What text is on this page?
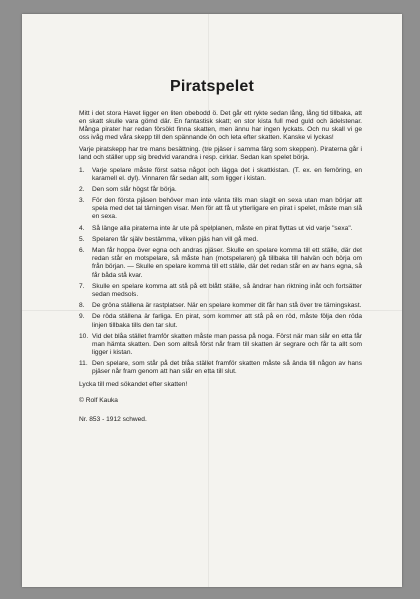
Piratspelet

Mitt i det stora Havet ligger en liten obebodd ö. Det går ett rykte sedan lång, lång tid tillbaka, att en skatt skulle vara gömd där. En fantastisk skatt; en stor kista full med guld och ädelstenar. Många pirater har redan försökt finna skatten, men ännu har ingen lyckats. Och nu skall vi ge oss ivåg med våra skepp till den spännande ön och leta efter skatten. Kanske vi lyckas!

Varje piratskepp har tre mans besättning. (tre pjäser i samma färg som skeppen). Piraterna går i land och ställer upp sig bredvid varandra i resp. cirklar. Sedan kan spelet börja.

1. Varje spelare måste först satsa något och lägga det i skattkistan. (T. ex. en femöring, en karamell el. dyl). Vinnaren får sedan allt, som ligger i kistan.
2. Den som slår högst får börja.
3. För den första pjäsen behöver man inte vänta tills man slagit en sexa utan man börjar att spela med det tal tärningen visar. Men för att få ut ytterligare en pirat i spelet, måste man slå en sexa.
4. Så länge alla piraterna inte är ute på spelplanen, måste en pirat flyttas ut vid varje "sexa".
5. Spelaren får själv bestämma, vilken pjäs han vill gå med.
6. Man får hoppa över egna och andras pjäser. Skulle en spelare komma till ett ställe, där det redan står en motspelare, så måste han (motspelaren) gå tillbaka till halvän och börja om från början. — Skulle en spelare komma till ett ställe, där det redan står en av hans egna, så får båda stå kvar.
7. Skulle en spelare komma att stå på ett blått ställe, så ändrar han riktning inåt och fortsätter sedan medsols.
8. De gröna ställena är rastplatser. När en spelare kommer dit får han stå över tre tärningskast.
9. De röda ställena är farliga. En pirat, som kommer att stå på en röd, måste följa den röda linjen tillbaka tills den tar slut.
10. Vid det blåa stället framför skatten måste man passa på noga. Först när man slår en etta får man hämta skatten. Den som alltså först når fram till skatten är segrare och får ta allt som ligger i kistan.
11. Den spelare, som står på det blåa stället framför skatten måste så ända till någon av hans pjäser når fram genom att han slår en etta till slut.

Lycka till med sökandet efter skatten!

© Rolf Kauka

Nr. 853 - 1912 schwed.
